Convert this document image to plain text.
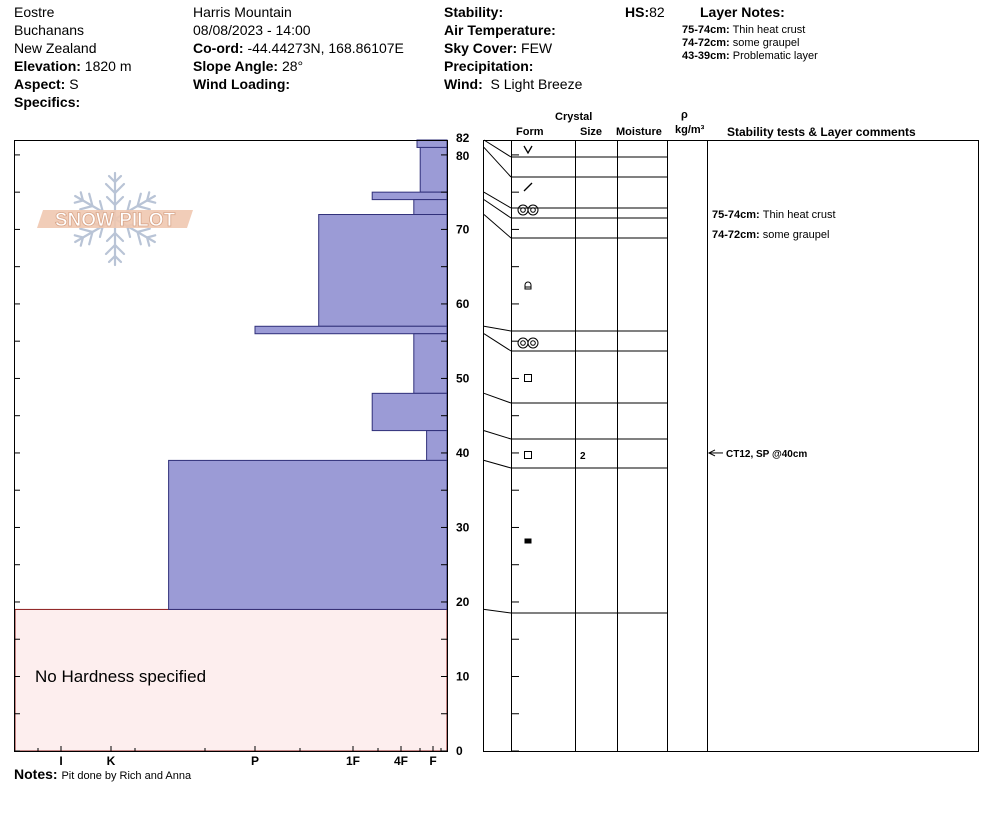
Eostre
Buchanans
New Zealand
Elevation: 1820 m
Aspect: S
Specifics:
Harris Mountain
08/08/2023 - 14:00
Co-ord: -44.44273N, 168.86107E
Slope Angle: 28°
Wind Loading:
Stability:
Air Temperature:
Sky Cover: FEW
Precipitation:
Wind: S Light Breeze
HS:82	Layer Notes:
75-74cm: Thin heat crust
74-72cm: some graupel
43-39cm: Problematic layer
Crystal
Form	Size Moisture
ρ
kg/m³ Stability tests & Layer comments
No Hardness specified
0
10
20
30
40
50
60
70
80
82
I	K	P	1F	4F F
2
75-74cm: Thin heat crust
74-72cm: some graupel
CT12, SP @40cm
SNOW PILOT
Notes: Pit done by Rich and Anna
